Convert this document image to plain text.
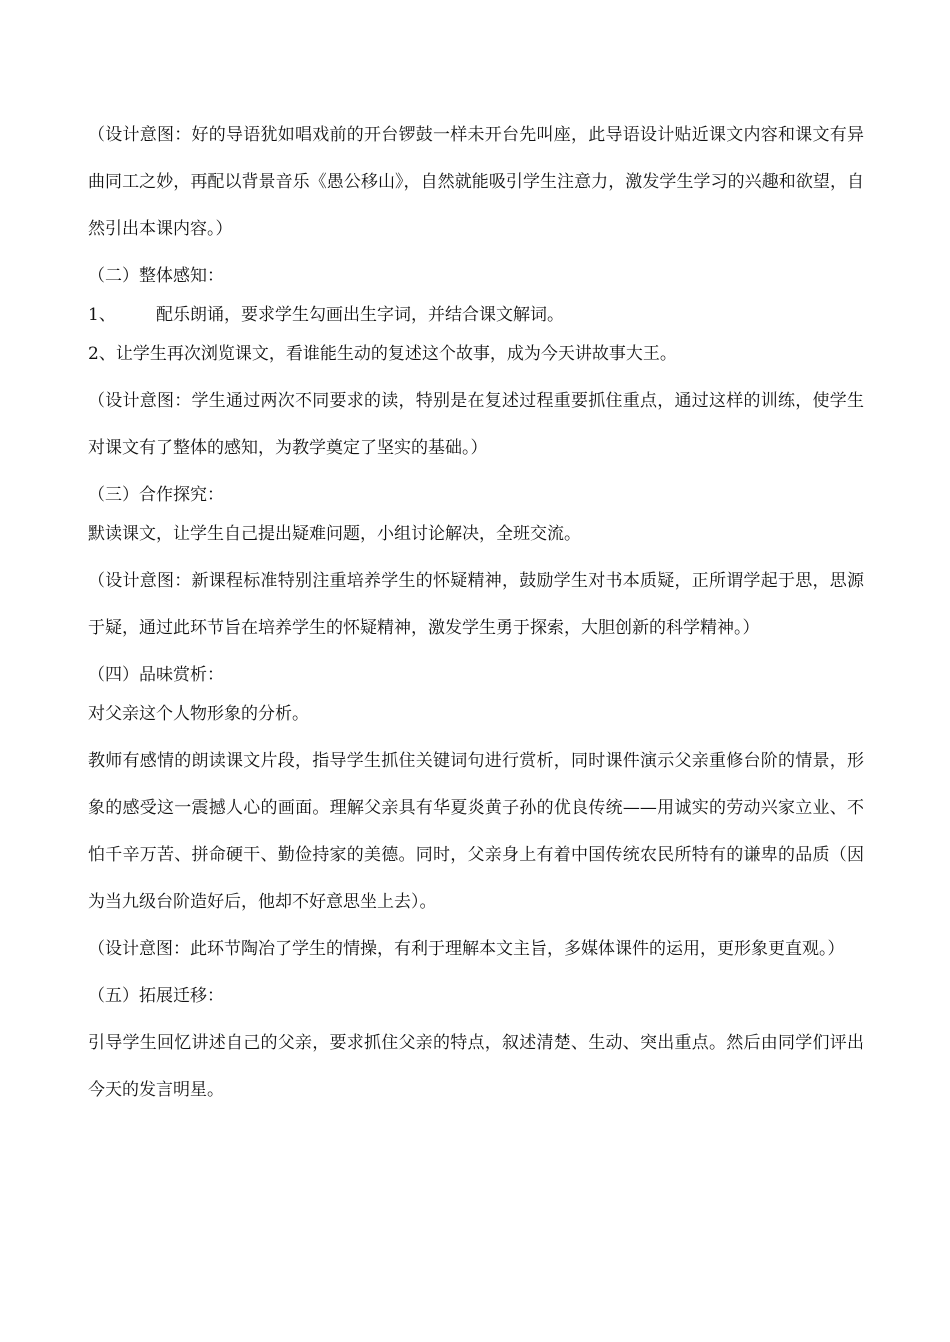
（设计意图：好的导语犹如唱戏前的开台锣鼓一样未开台先叫座，此导语设计贴近课文内容和课文有异曲同工之妙，再配以背景音乐《愚公移山》，自然就能吸引学生注意力，激发学生学习的兴趣和欲望，自然引出本课内容。）

（二）整体感知：

1、 配乐朗诵，要求学生勾画出生字词，并结合课文解词。

2、让学生再次浏览课文，看谁能生动的复述这个故事，成为今天讲故事大王。

（设计意图：学生通过两次不同要求的读，特别是在复述过程重要抓住重点，通过这样的训练，使学生对课文有了整体的感知，为教学奠定了坚实的基础。）

（三）合作探究：

默读课文，让学生自己提出疑难问题，小组讨论解决，全班交流。

（设计意图：新课程标准特别注重培养学生的怀疑精神，鼓励学生对书本质疑，正所谓学起于思，思源于疑，通过此环节旨在培养学生的怀疑精神，激发学生勇于探索，大胆创新的科学精神。）

（四）品味赏析：

对父亲这个人物形象的分析。

教师有感情的朗读课文片段，指导学生抓住关键词句进行赏析，同时课件演示父亲重修台阶的情景，形象的感受这一震撼人心的画面。理解父亲具有华夏炎黄子孙的优良传统——用诚实的劳动兴家立业、不怕千辛万苦、拼命硬干、勤俭持家的美德。同时，父亲身上有着中国传统农民所特有的谦卑的品质（因为当九级台阶造好后，他却不好意思坐上去）。

（设计意图：此环节陶冶了学生的情操，有利于理解本文主旨，多媒体课件的运用，更形象更直观。）

（五）拓展迁移：

引导学生回忆讲述自己的父亲，要求抓住父亲的特点，叙述清楚、生动、突出重点。然后由同学们评出今天的发言明星。
